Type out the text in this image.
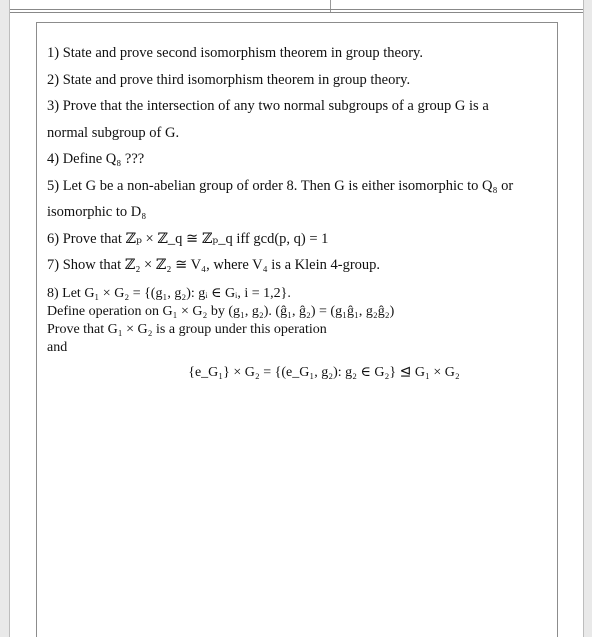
1) State and prove second isomorphism theorem in group theory.
2) State and prove third isomorphism theorem in group theory.
3) Prove that the intersection of any two normal subgroups of a group G is a
normal subgroup of G.
4) Define Q₈ ???
5) Let G be a non-abelian group of order 8. Then G is either isomorphic to Q₈ or
isomorphic to D₈
6) Prove that ℤₚ × ℤ_q ≅ ℤₚ_q iff gcd(p, q) = 1
7) Show that ℤ₂ × ℤ₂ ≅ V₄, where V₄ is a Klein 4-group.
8) Let G₁ × G₂ = {(g₁, g₂): gᵢ ∈ Gᵢ, i = 1,2}.
Define operation on G₁ × G₂ by (g₁, g₂). (ĝ₁, ĝ₂) = (g₁ĝ₁, g₂ĝ₂)
Prove that G₁ × G₂ is a group under this operation
and
{e_G₁} × G₂ = {(e_G₁, g₂): g₂ ∈ G₂} ⊴ G₁ × G₂
